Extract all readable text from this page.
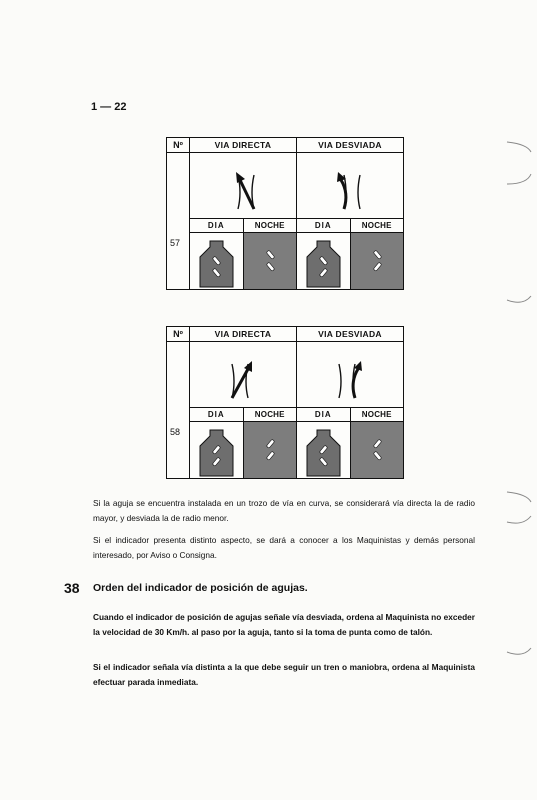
1 — 22
Nº	VIA DIRECTA	VIA DESVIADA
57
DIA	NOCHE	DIA	NOCHE
Nº	VIA DIRECTA	VIA DESVIADA
58
DIA	NOCHE	DIA	NOCHE
Si la aguja se encuentra instalada en un trozo de vía en curva, se considerará vía directa la de radio mayor, y desviada la de radio menor.
Si el indicador presenta distinto aspecto, se dará a conocer a los Maquinistas y demás personal interesado, por Aviso o Consigna.
38 Orden del indicador de posición de agujas.
Cuando el indicador de posición de agujas señale vía desviada, ordena al Maquinista no exceder la velocidad de 30 Km/h. al paso por la aguja, tanto si la toma de punta como de talón.
Si el indicador señala vía distinta a la que debe seguir un tren o maniobra, ordena al Maquinista efectuar parada inmediata.
